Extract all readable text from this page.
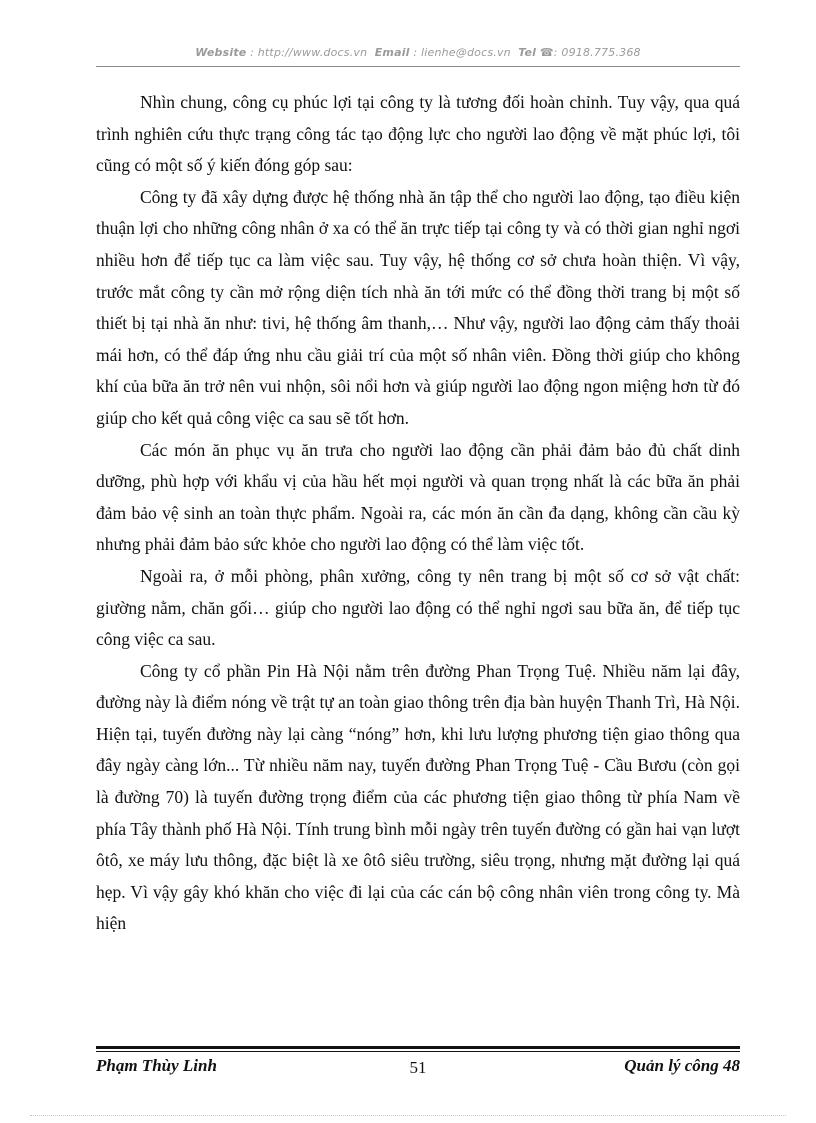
Website : http://www.docs.vn Email : lienhe@docs.vn Tel ☎: 0918.775.368

Nhìn chung, công cụ phúc lợi tại công ty là tương đối hoàn chỉnh. Tuy vậy, qua quá trình nghiên cứu thực trạng công tác tạo động lực cho người lao động về mặt phúc lợi, tôi cũng có một số ý kiến đóng góp sau:

Công ty đã xây dựng được hệ thống nhà ăn tập thể cho người lao động, tạo điều kiện thuận lợi cho những công nhân ở xa có thể ăn trực tiếp tại công ty và có thời gian nghỉ ngơi nhiều hơn để tiếp tục ca làm việc sau. Tuy vậy, hệ thống cơ sở chưa hoàn thiện. Vì vậy, trước mắt công ty cần mở rộng diện tích nhà ăn tới mức có thể đồng thời trang bị một số thiết bị tại nhà ăn như: tivi, hệ thống âm thanh,… Như vậy, người lao động cảm thấy thoải mái hơn, có thể đáp ứng nhu cầu giải trí của một số nhân viên. Đồng thời giúp cho không khí của bữa ăn trở nên vui nhộn, sôi nổi hơn và giúp người lao động ngon miệng hơn từ đó giúp cho kết quả công việc ca sau sẽ tốt hơn.

Các món ăn phục vụ ăn trưa cho người lao động cần phải đảm bảo đủ chất dinh dưỡng, phù hợp với khẩu vị của hầu hết mọi người và quan trọng nhất là các bữa ăn phải đảm bảo vệ sinh an toàn thực phẩm. Ngoài ra, các món ăn cần đa dạng, không cần cầu kỳ nhưng phải đảm bảo sức khỏe cho người lao động có thể làm việc tốt.

Ngoài ra, ở mỗi phòng, phân xưởng, công ty nên trang bị một số cơ sở vật chất: giường nằm, chăn gối… giúp cho người lao động có thể nghỉ ngơi sau bữa ăn, để tiếp tục công việc ca sau.

Công ty cổ phần Pin Hà Nội nằm trên đường Phan Trọng Tuệ. Nhiều năm lại đây, đường này là điểm nóng về trật tự an toàn giao thông trên địa bàn huyện Thanh Trì, Hà Nội. Hiện tại, tuyến đường này lại càng “nóng” hơn, khi lưu lượng phương tiện giao thông qua đây ngày càng lớn... Từ nhiều năm nay, tuyến đường Phan Trọng Tuệ - Cầu Bươu (còn gọi là đường 70) là tuyến đường trọng điểm của các phương tiện giao thông từ phía Nam về phía Tây thành phố Hà Nội. Tính trung bình mỗi ngày trên tuyến đường có gần hai vạn lượt ôtô, xe máy lưu thông, đặc biệt là xe ôtô siêu trường, siêu trọng, nhưng mặt đường lại quá hẹp. Vì vậy gây khó khăn cho việc đi lại của các cán bộ công nhân viên trong công ty. Mà hiện

Phạm Thùy Linh	51	Quản lý công 48
